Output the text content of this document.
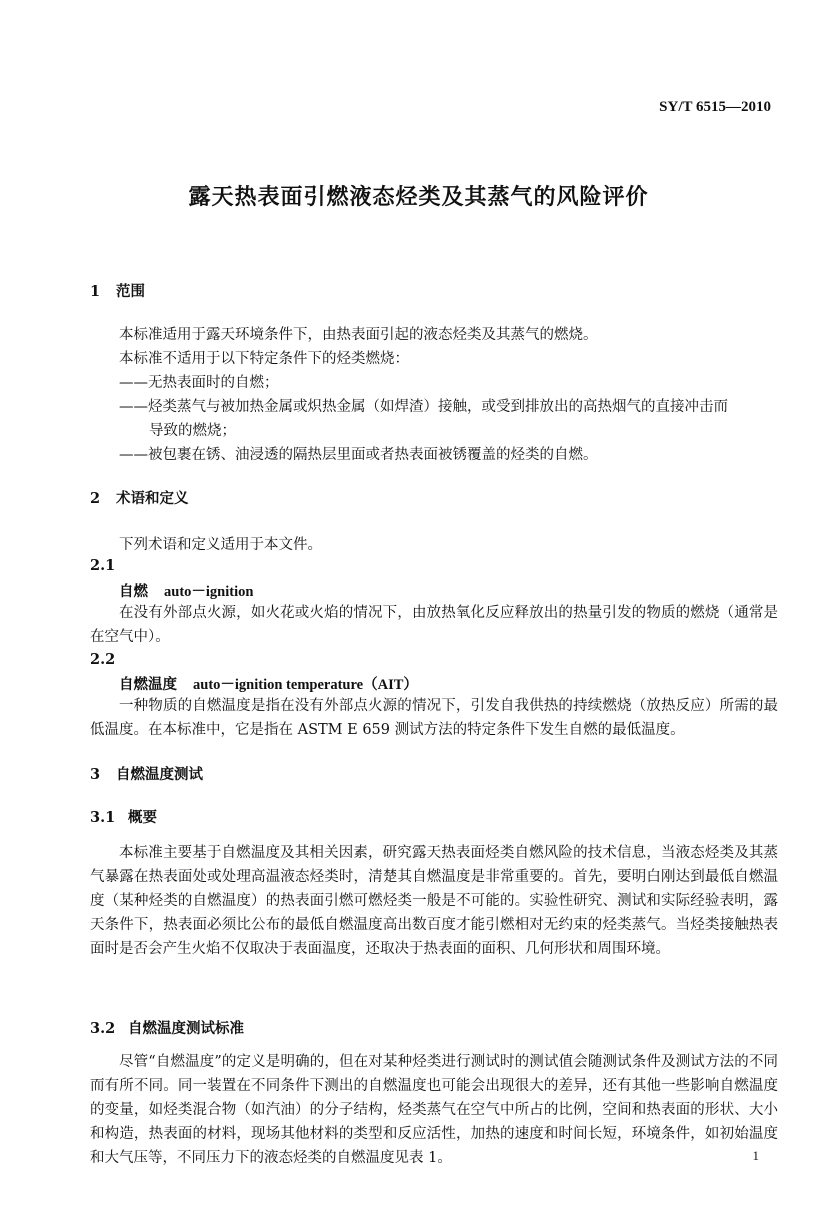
SY/T 6515—2010
露天热表面引燃液态烃类及其蒸气的风险评价
1 范围
本标准适用于露天环境条件下，由热表面引起的液态烃类及其蒸气的燃烧。
本标准不适用于以下特定条件下的烃类燃烧：
——无热表面时的自燃；
——烃类蒸气与被加热金属或炽热金属（如焊渣）接触，或受到排放出的高热烟气的直接冲击而
导致的燃烧；
——被包裹在锈、油浸透的隔热层里面或者热表面被锈覆盖的烃类的自燃。
2 术语和定义
下列术语和定义适用于本文件。
2.1
自燃 auto－ignition
在没有外部点火源，如火花或火焰的情况下，由放热氧化反应释放出的热量引发的物质的燃烧（通常是在空气中）。
2.2
自燃温度 auto－ignition temperature（AIT）
一种物质的自燃温度是指在没有外部点火源的情况下，引发自我供热的持续燃烧（放热反应）所需的最低温度。在本标准中，它是指在 ASTM E 659 测试方法的特定条件下发生自燃的最低温度。
3 自燃温度测试
3.1 概要
本标准主要基于自燃温度及其相关因素，研究露天热表面烃类自燃风险的技术信息，当液态烃类及其蒸气暴露在热表面处或处理高温液态烃类时，清楚其自燃温度是非常重要的。首先，要明白刚达到最低自燃温度（某种烃类的自燃温度）的热表面引燃可燃烃类一般是不可能的。实验性研究、测试和实际经验表明，露天条件下，热表面必须比公布的最低自燃温度高出数百度才能引燃相对无约束的烃类蒸气。当烃类接触热表面时是否会产生火焰不仅取决于表面温度，还取决于热表面的面积、几何形状和周围环境。
3.2 自燃温度测试标准
尽管“自燃温度”的定义是明确的，但在对某种烃类进行测试时的测试值会随测试条件及测试方法的不同而有所不同。同一装置在不同条件下测出的自燃温度也可能会出现很大的差异，还有其他一些影响自燃温度的变量，如烃类混合物（如汽油）的分子结构，烃类蒸气在空气中所占的比例，空间和热表面的形状、大小和构造，热表面的材料，现场其他材料的类型和反应活性，加热的速度和时间长短，环境条件，如初始温度和大气压等，不同压力下的液态烃类的自燃温度见表 1。	1
